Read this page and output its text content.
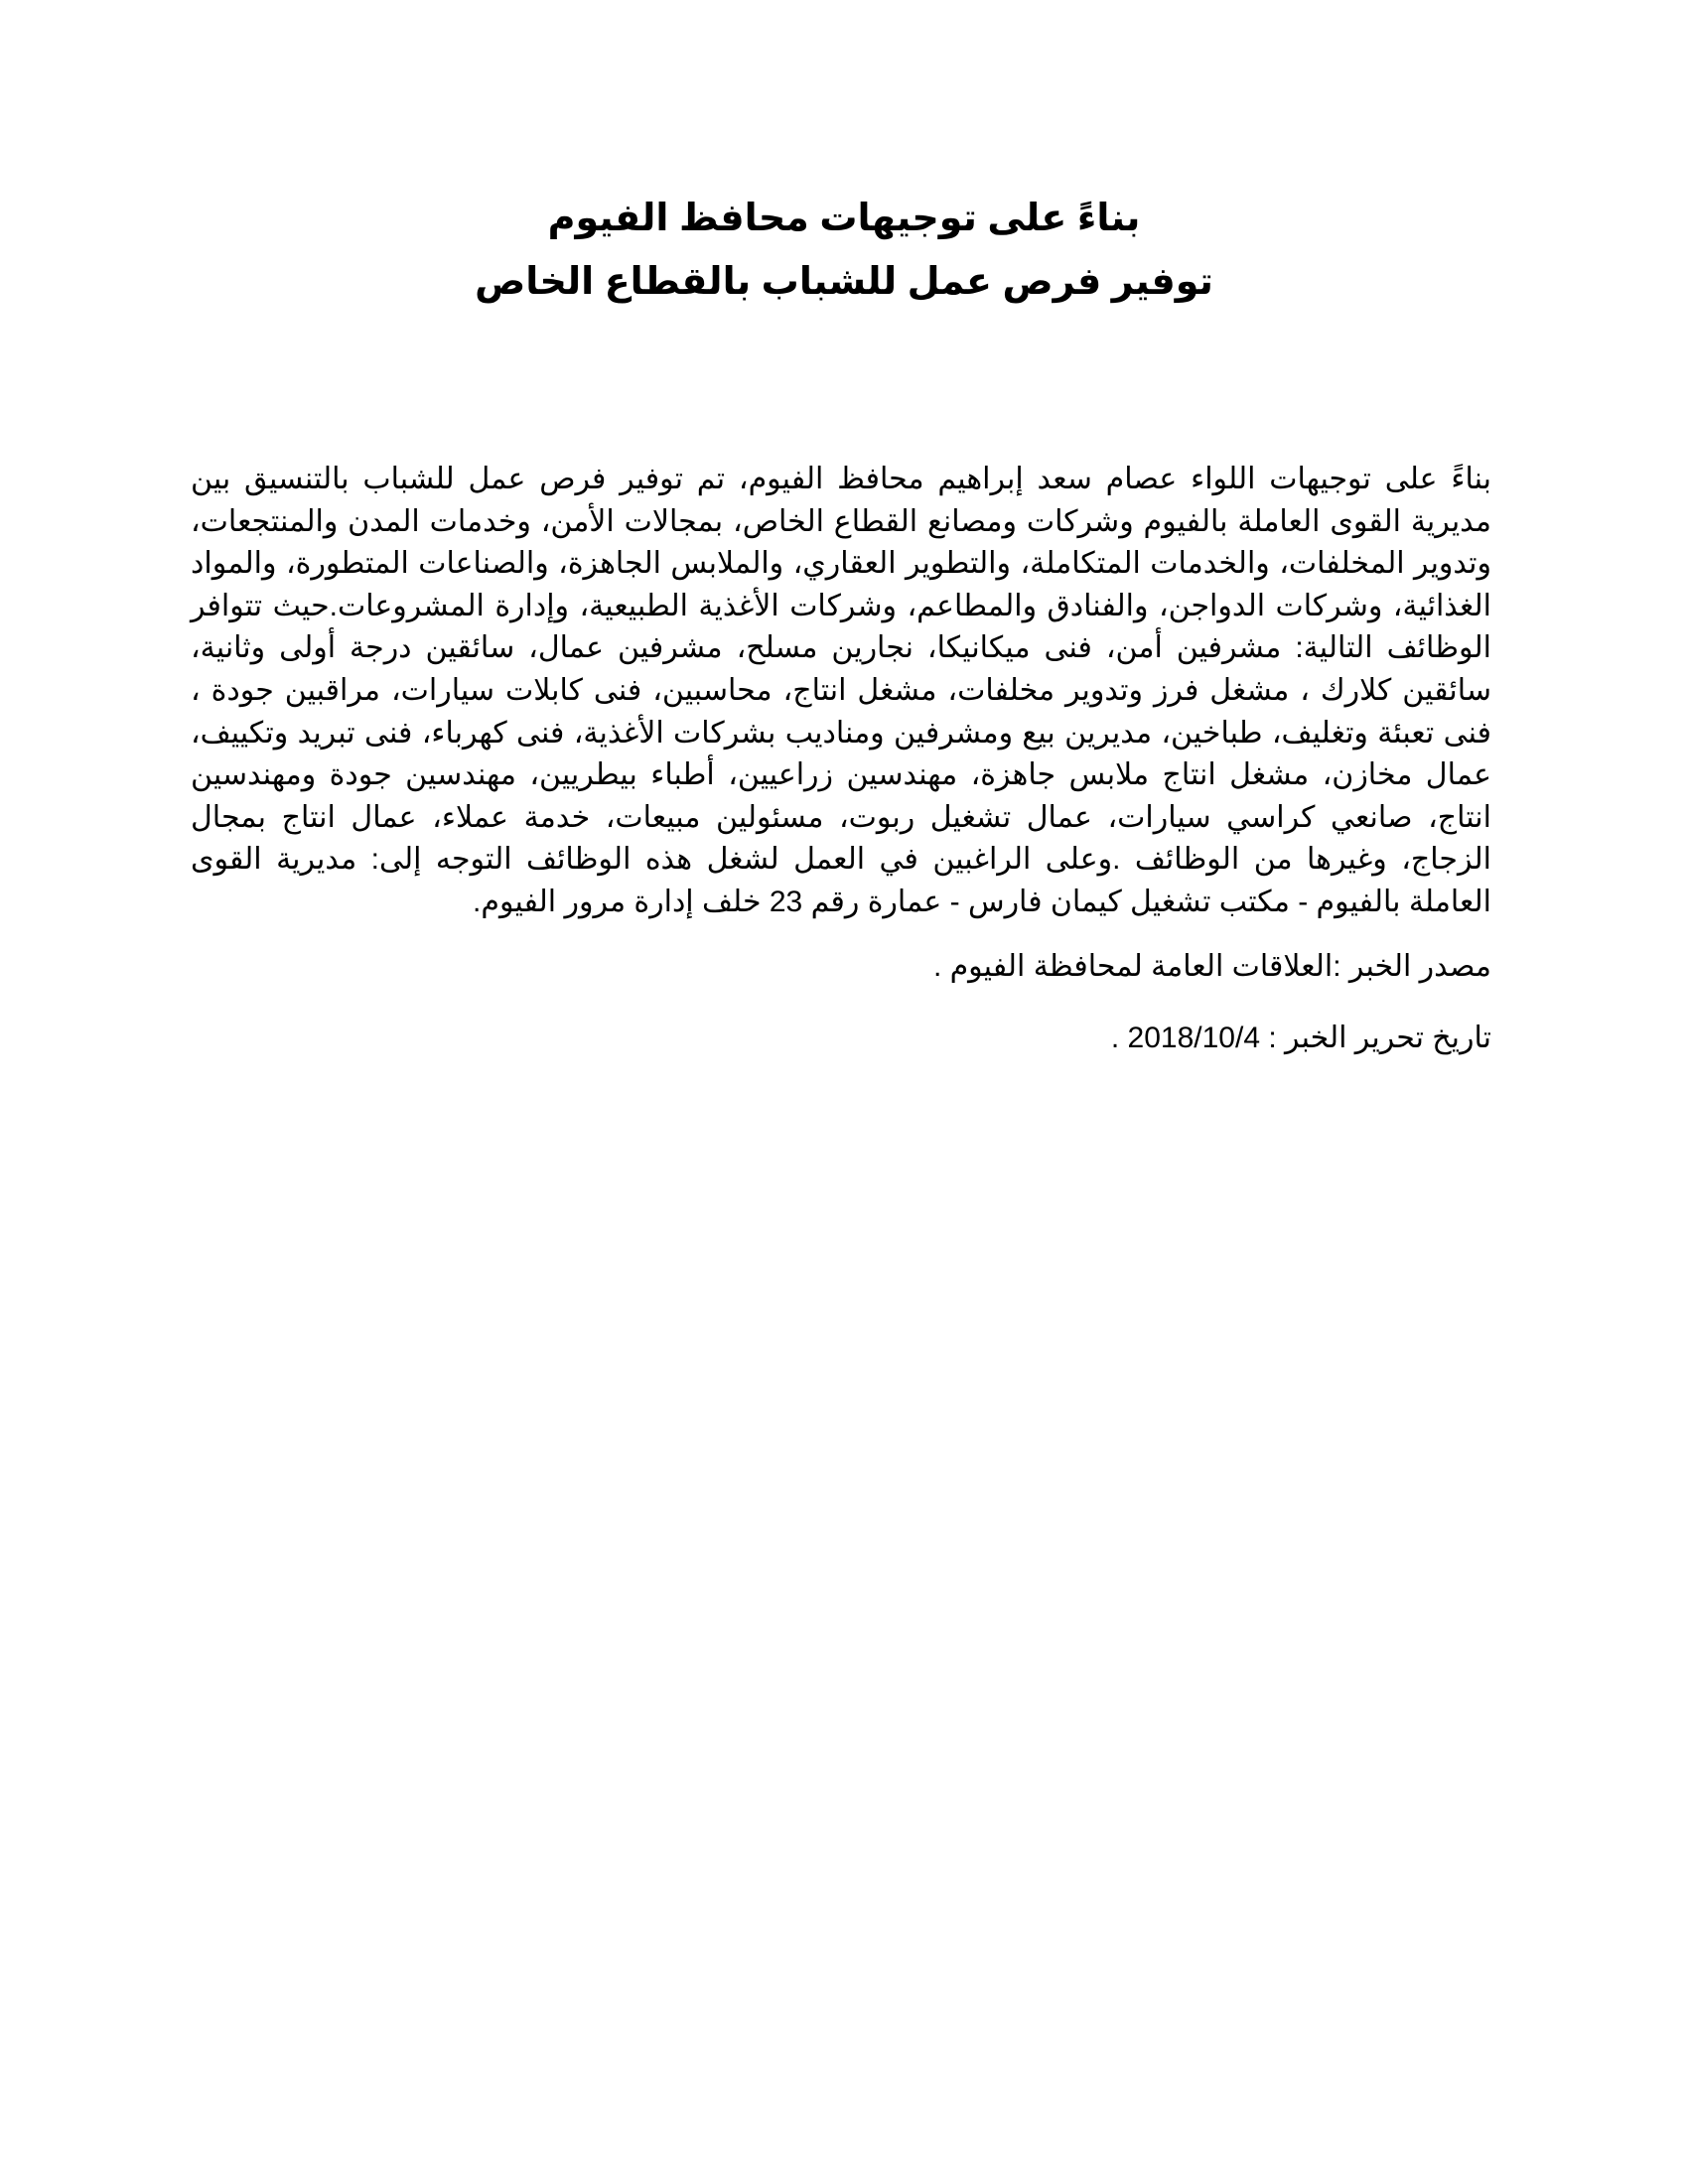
بناءً على توجيهات محافظ الفيوم
توفير فرص عمل للشباب بالقطاع الخاص

بناءً على توجيهات اللواء عصام سعد إبراهيم محافظ الفيوم، تم توفير فرص عمل للشباب بالتنسيق بين مديرية القوى العاملة بالفيوم وشركات ومصانع القطاع الخاص، بمجالات الأمن، وخدمات المدن والمنتجعات، وتدوير المخلفات، والخدمات المتكاملة، والتطوير العقاري، والملابس الجاهزة، والصناعات المتطورة، والمواد الغذائية، وشركات الدواجن، والفنادق والمطاعم، وشركات الأغذية الطبيعية، وإدارة المشروعات.حيث تتوافر الوظائف التالية: مشرفين أمن، فنى ميكانيكا، نجارين مسلح، مشرفين عمال، سائقين درجة أولى وثانية، سائقين كلارك ، مشغل فرز وتدوير مخلفات، مشغل انتاج، محاسبين، فنى كابلات سيارات، مراقبين جودة ، فنى تعبئة وتغليف، طباخين، مديرين بيع ومشرفين ومناديب بشركات الأغذية، فنى كهرباء، فنى تبريد وتكييف، عمال مخازن، مشغل انتاج ملابس جاهزة، مهندسين زراعيين، أطباء بيطريين، مهندسين جودة ومهندسين انتاج، صانعي كراسي سيارات، عمال تشغيل ربوت، مسئولين مبيعات، خدمة عملاء، عمال انتاج بمجال الزجاج، وغيرها من الوظائف .وعلى الراغبين في العمل لشغل هذه الوظائف التوجه إلى: مديرية القوى العاملة بالفيوم - مكتب تشغيل كيمان فارس - عمارة رقم 23 خلف إدارة مرور الفيوم.

مصدر الخبر :العلاقات العامة لمحافظة الفيوم .

تاريخ تحرير الخبر : 2018/10/4 .
